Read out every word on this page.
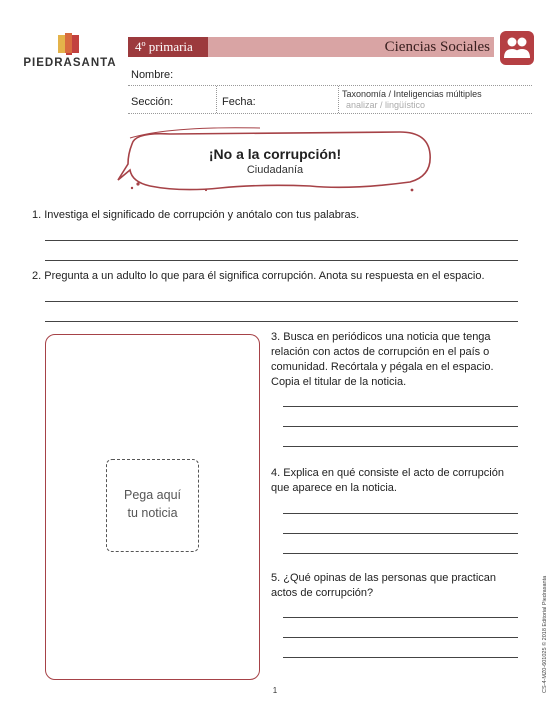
PIEDRASANTA
4º primaria	Ciencias Sociales
Nombre:
Sección:	Fecha:
Taxonomía / Inteligencias múltiples
analizar / lingüístico
¡No a la corrupción!
Ciudadanía
1. Investiga el significado de corrupción y anótalo con tus palabras.
2. Pregunta a un adulto lo que para él significa corrupción. Anota su respuesta en el espacio.
Pega aquí
tu noticia
3. Busca en periódicos una noticia que tenga relación con actos de corrupción en el país o comunidad. Recórtala y pégala en el espacio. Copia el titular de la noticia.
4. Explica en qué consiste el acto de corrupción que aparece en la noticia.
5. ¿Qué opinas de las personas que practican actos de corrupción?	CS-4-MZ0-601025 © 2018 Editorial Piedrasanta
1
